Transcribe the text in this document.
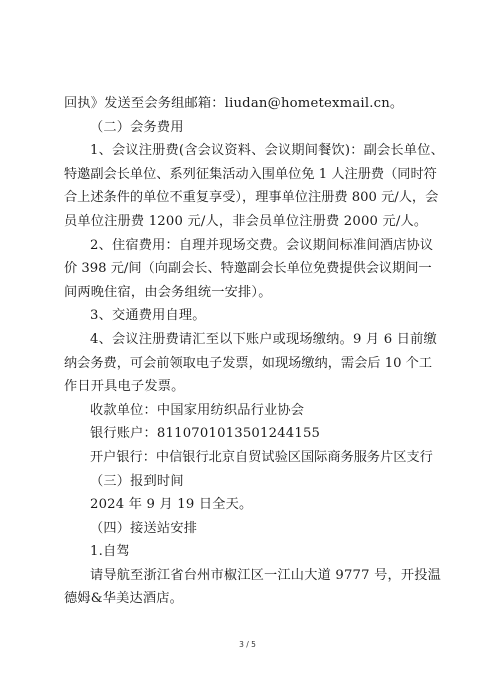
回执》发送至会务组邮箱：liudan@hometexmail.cn。
（二）会务费用
1、会议注册费(含会议资料、会议期间餐饮)：副会长单位、
特邀副会长单位、系列征集活动入围单位免 1 人注册费（同时符
合上述条件的单位不重复享受），理事单位注册费 800 元/人，会
员单位注册费 1200 元/人，非会员单位注册费 2000 元/人。
2、住宿费用：自理并现场交费。会议期间标准间酒店协议
价 398 元/间（向副会长、特邀副会长单位免费提供会议期间一
间两晚住宿，由会务组统一安排）。
3、交通费用自理。
4、会议注册费请汇至以下账户或现场缴纳。9 月 6 日前缴
纳会务费，可会前领取电子发票，如现场缴纳，需会后 10 个工
作日开具电子发票。
收款单位：中国家用纺织品行业协会
银行账户：8110701013501244155
开户银行：中信银行北京自贸试验区国际商务服务片区支行
（三）报到时间
2024 年 9 月 19 日全天。
（四）接送站安排
1.自驾
请导航至浙江省台州市椒江区一江山大道 9777 号，开投温
德姆&华美达酒店。
3 / 5
